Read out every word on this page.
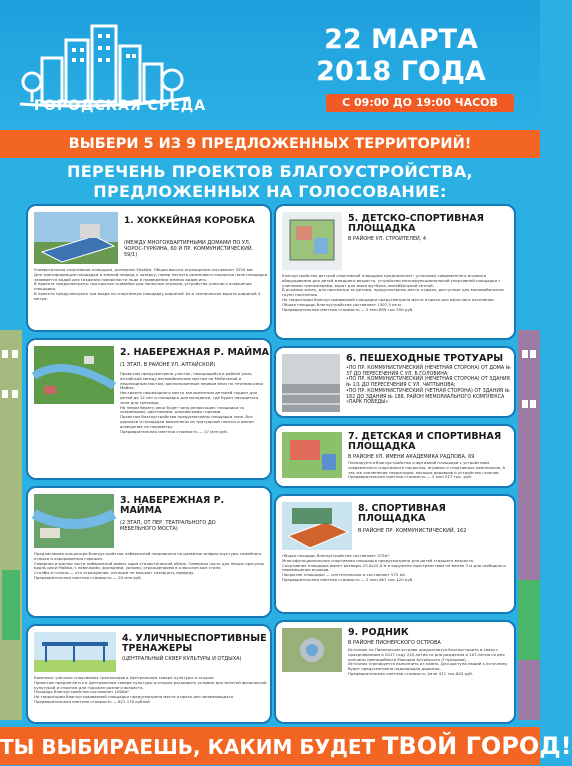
ГОРОДСКАЯ СРЕДА
22 МАРТА
2018 ГОДА
С 09:00 ДО 19:00 ЧАСОВ
ВЫБЕРИ 5 ИЗ 9 ПРЕДЛОЖЕННЫХ ТЕРРИТОРИЙ!
ПЕРЕЧЕНЬ ПРОЕКТОВ БЛАГОУСТРОЙСТВА,
ПРЕДЛОЖЕННЫХ НА ГОЛОСОВАНИЕ:
1. ХОККЕЙНАЯ КОРОБКА
(МЕЖДУ МНОГОКВАРТИРНЫМИ ДОМАМИ ПО УЛ. ЧОРОС-ГУРКИНА, 60 И ПР. КОММУНИСТИЧЕСКИЙ, 59/1)
Универсальная спортивная площадка, размером 30х60м. Общая высота ограждения составляет 3250 мм.
Для трансформации площадки в зимний период к лазерку, повер летнего резинового покрытия поле площадки заливается водой для создания поверхности льда и проведения зимних видов игр.
В проекте предусмотрены три крытые скамейки для запасных игроков, устройство уличного освещения площадки.
В проекте предусмотрено три входа на спортивную площадку шириной 1м и технические ворота шириной 4 метра.
2. НАБЕРЕЖНАЯ Р. МАЙМА
(1 ЭТАП, В РАЙОНЕ УЛ. АЛТАЙСКОЙ)
Проектом предусмотрено участок, находящийся в районе улиц Алтайской между автомобильным мостом на Мебельной и пешеходным мостом, расположенным первым вниз по течению реки Майма.
Настроена пешеходного место заплыненным деталей гордон для детей до 12 лет и площадка для молодежи, где будет находиться зона для трёхкара.
На левом берегу реки будет зона релаксации: площадки со скамейками, цветниками, альпийскими горками.
Проектом благоустройства предусмотрены площадки зона. Все дорожки и площадки выполнены из тротуарной плитки и имеют освещение по периметру.
Предварительная сметная стоимость — 17 млн руб.
3. НАБЕРЕЖНАЯ Р. МАЙМА
(2 ЭТАП, ОТ ПЕР. ТЕАТРАЛЬНОГО ДО МЕБЕЛЬНОГО МОСТА)
Предлагаемая концепция благоустройства набережной направлена на развитие инфраструктуры семейного отдыха и оздоровления горожан.
Северная и южная части набережной имеют один стилистический облик. Северная часть для пеших прогулок вдоль реки Майма, с лавочками, фонарями, урнами, ограждениями в классическом стиле.
Столбы и газоны — это ограждения, которые не мешают созерцать природу.
Предварительная сметная стоимость — 20 млн руб.
4. УЛИЧНЫЕСПОРТИВНЫЕ ТРЕНАЖЕРЫ
(ЦЕНТРАЛЬНЫЙ СКВЕР КУЛЬТУРЫ И ОТДЫХА)
Комплекс уличных спортивных тренажеров в Центральном сквере культуры и отдыха.
Проектом предлагается в Центральном сквере культуры и отдыха расширить условия для занятий физической культурой и спортом для горожан разного возраста.
Площадь благоустройства составляет 1000м².
На территории благоустраиваемой площадки предусмотрено место отдыха для занимающихся.
Предварительная сметная стоимость — 621 170 рублей
5. ДЕТСКО-СПОРТИВНАЯ ПЛОЩАДКА
В РАЙОНЕ УЛ. СТРОИТЕЛЕЙ, 4
Благоустройство детской спортивной площадки предполагает: установку современного игрового оборудования для детей младшего возраста, устройство многофункциональной спортивной площадки с уличными тренажерами, ворот для мини футбола, волейбольной сеткой.
В игровых зонах, для просмотра за детьми, предусмотрены места отдыха, доступные для маломобильных групп населения.
На территории благоустраиваемой площадки предусмотрено место отдыха для взрослого населения.
Общая площадь благоустройства составляет 1307,5 кв.м.
Предварительная сметная стоимость — 2 млн.899 тыс.550 руб.
6. ПЕШЕХОДНЫЕ ТРОТУАРЫ
•ПО ПР. КОММУНИСТИЧЕСКИЙ (НЕЧЕТНАЯ СТОРОНА) ОТ ДОМА № 37 ДО ПЕРЕСЕЧЕНИЯ С УЛ. Б.ГОЛОВИНА;
•ПО ПР. КОММУНИСТИЧЕСКИЙ (НЕЧЕТНАЯ СТОРОНА) ОТ ЗДАНИЯ № 1/1 ДО ПЕРЕСЕЧЕНИЯ С УЛ. ЧАПТЫНОВА;
•ПО ПР. КОММУНИСТИЧЕСКИЙ (ЧЕТНАЯ СТОРОНА) ОТ ЗДАНИЯ № 182 ДО ЗДАНИЯ № 188, РАЙОН МЕМОРИАЛЬНОГО КОМПЛЕКСА «ПАРК ПОБЕДЫ»
7. ДЕТСКАЯ И СПОРТИВНАЯ ПЛОЩАДКА
В РАЙОНЕ УЛ. ИМЕНИ АКАДЕМИКА РАДЛОВА, 69
Планируется благоустройство спортивной площадки с устройством современного спортивного покрытия, игровых и спортивных комплексов. А так же озеленение территории: посадка деревьев и устройство газонов.
Предварительная сметная стоимость — 2 млн.517 тыс. руб.
8. СПОРТИВНАЯ ПЛОЩАДКА
В РАЙОНЕ ПР. КОММУНИСТИЧЕСКИЙ, 162
Общая площадь благоустройства составляет 575м².
Многофункциональная спортивная площадка предусмотрена для детей старшего возраста.
Спортивная площадка имеет размеры 23,0х25,0 м и окружена пространством не менее 3 м для свободного перемещения игроков.
Покрытие площадки — синтетическое и составляет 575 м2.
Предварительная сметная стоимость — 2 млн.467 тыс.120 руб.
9. РОДНИК
В РАЙОНЕ ПИОНЕРСКОГО ОСТРОВА
Источник на Пионерском острове предлагается благоустроить в связи с празднованием в 2017 году 225-летия со дня рождения и 107-летия со дня кончины преподобного Макария Алтайского (Глухарева).
Источник планируется выполнить из камня. Для доступа людей к источнику будет предусмотрена подходящая дорожка.
Предварительная сметная стоимость 1млн 472 тыс.625 руб.
ТЫ ВЫБИРАЕШЬ, КАКИМ БУДЕТ ТВОЙ ГОРОД!
